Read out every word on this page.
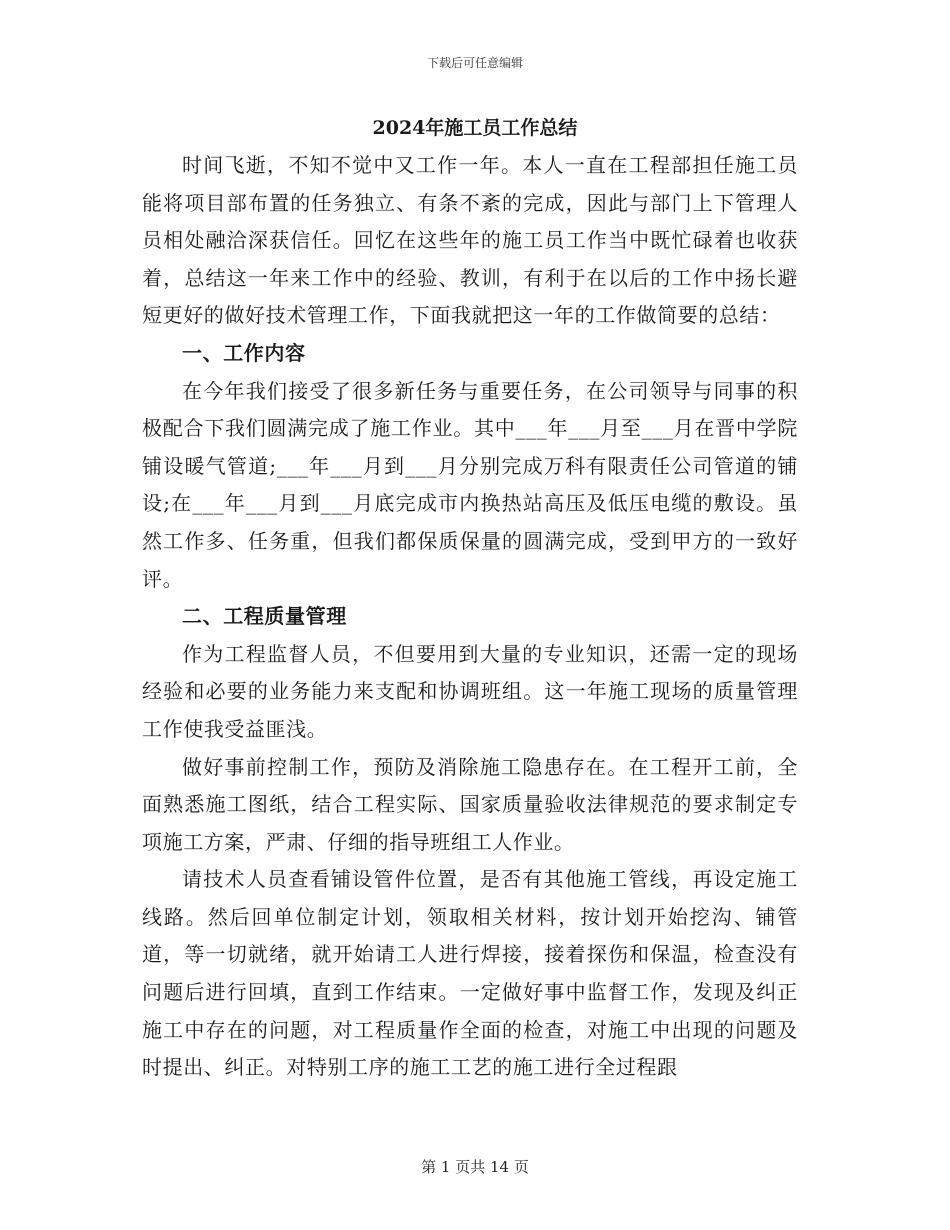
下载后可任意编辑
2024年施工员工作总结

时间飞逝，不知不觉中又工作一年。本人一直在工程部担任施工员能将项目部布置的任务独立、有条不紊的完成，因此与部门上下管理人员相处融洽深获信任。回忆在这些年的施工员工作当中既忙碌着也收获着，总结这一年来工作中的经验、教训，有利于在以后的工作中扬长避短更好的做好技术管理工作，下面我就把这一年的工作做简要的总结：

一、工作内容

在今年我们接受了很多新任务与重要任务，在公司领导与同事的积极配合下我们圆满完成了施工作业。其中___年___月至___月在晋中学院铺设暖气管道;___年___月到___月分别完成万科有限责任公司管道的铺设;在___年___月到___月底完成市内换热站高压及低压电缆的敷设。虽然工作多、任务重，但我们都保质保量的圆满完成，受到甲方的一致好评。

二、工程质量管理

作为工程监督人员，不但要用到大量的专业知识，还需一定的现场经验和必要的业务能力来支配和协调班组。这一年施工现场的质量管理工作使我受益匪浅。

做好事前控制工作，预防及消除施工隐患存在。在工程开工前，全面熟悉施工图纸，结合工程实际、国家质量验收法律规范的要求制定专项施工方案，严肃、仔细的指导班组工人作业。

请技术人员查看铺设管件位置，是否有其他施工管线，再设定施工线路。然后回单位制定计划，领取相关材料，按计划开始挖沟、铺管道，等一切就绪，就开始请工人进行焊接，接着探伤和保温，检查没有问题后进行回填，直到工作结束。一定做好事中监督工作，发现及纠正施工中存在的问题，对工程质量作全面的检查，对施工中出现的问题及时提出、纠正。对特别工序的施工工艺的施工进行全过程跟

第 1 页共 14 页
